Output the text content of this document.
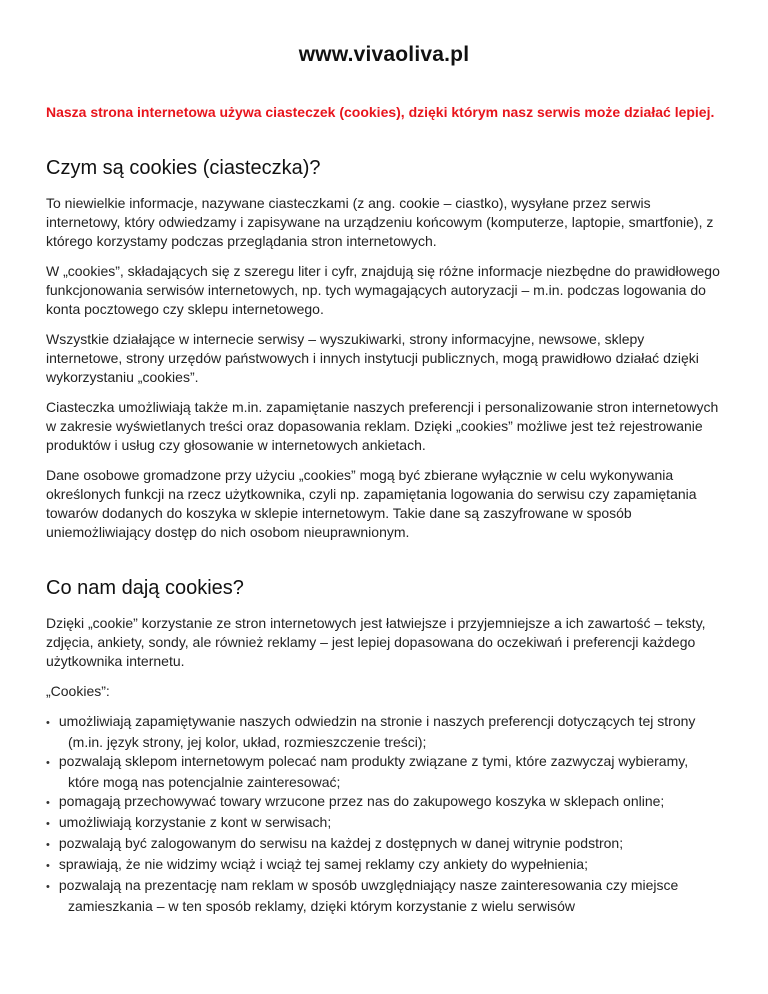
www.vivaoliva.pl

Nasza strona internetowa używa ciasteczek (cookies), dzięki którym nasz serwis może działać lepiej.

Czym są cookies (ciasteczka)?

To niewielkie informacje, nazywane ciasteczkami (z ang. cookie – ciastko), wysyłane przez serwis internetowy, który odwiedzamy i zapisywane na urządzeniu końcowym (komputerze, laptopie, smartfonie), z którego korzystamy podczas przeglądania stron internetowych.

W „cookies”, składających się z szeregu liter i cyfr, znajdują się różne informacje niezbędne do prawidłowego funkcjonowania serwisów internetowych, np. tych wymagających autoryzacji – m.in. podczas logowania do konta pocztowego czy sklepu internetowego.

Wszystkie działające w internecie serwisy – wyszukiwarki, strony informacyjne, newsowe, sklepy internetowe, strony urzędów państwowych i innych instytucji publicznych, mogą prawidłowo działać dzięki wykorzystaniu „cookies”.

Ciasteczka umożliwiają także m.in. zapamiętanie naszych preferencji i personalizowanie stron internetowych w zakresie wyświetlanych treści oraz dopasowania reklam. Dzięki „cookies” możliwe jest też rejestrowanie produktów i usług czy głosowanie w internetowych ankietach.

Dane osobowe gromadzone przy użyciu „cookies” mogą być zbierane wyłącznie w celu wykonywania określonych funkcji na rzecz użytkownika, czyli np. zapamiętania logowania do serwisu czy zapamiętania towarów dodanych do koszyka w sklepie internetowym. Takie dane są zaszyfrowane w sposób uniemożliwiający dostęp do nich osobom nieuprawnionym.

Co nam dają cookies?

Dzięki „cookie” korzystanie ze stron internetowych jest łatwiejsze i przyjemniejsze a ich zawartość – teksty, zdjęcia, ankiety, sondy, ale również reklamy – jest lepiej dopasowana do oczekiwań i preferencji każdego użytkownika internetu.

„Cookies”:

• umożliwiają zapamiętywanie naszych odwiedzin na stronie i naszych preferencji dotyczących tej strony (m.in. język strony, jej kolor, układ, rozmieszczenie treści);
• pozwalają sklepom internetowym polecać nam produkty związane z tymi, które zazwyczaj wybieramy, które mogą nas potencjalnie zainteresować;
• pomagają przechowywać towary wrzucone przez nas do zakupowego koszyka w sklepach online;
• umożliwiają korzystanie z kont w serwisach;
• pozwalają być zalogowanym do serwisu na każdej z dostępnych w danej witrynie podstron;
• sprawiają, że nie widzimy wciąż i wciąż tej samej reklamy czy ankiety do wypełnienia;
• pozwalają na prezentację nam reklam w sposób uwzględniający nasze zainteresowania czy miejsce zamieszkania – w ten sposób reklamy, dzięki którym korzystanie z wielu serwisów
